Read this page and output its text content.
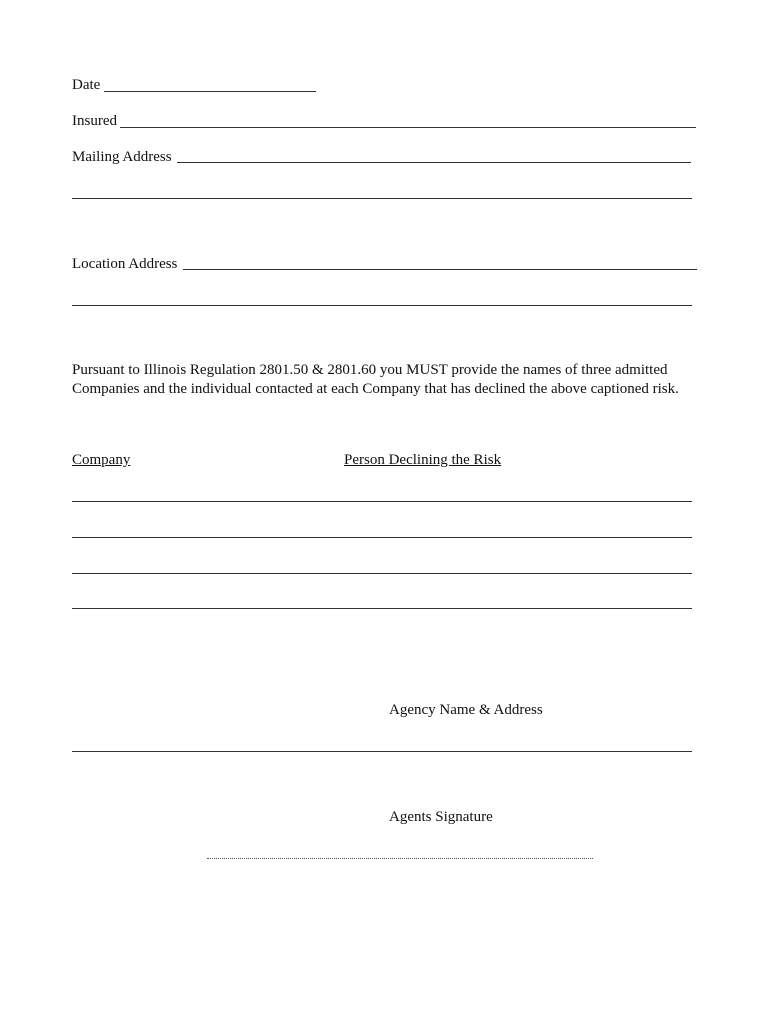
Date
Insured
Mailing Address
Location Address
Pursuant to Illinois Regulation 2801.50 & 2801.60 you MUST provide the names of three admitted
Companies and the individual contacted at each Company that has declined the above captioned risk.
Company	Person Declining the Risk
Agency Name & Address
Agents Signature
